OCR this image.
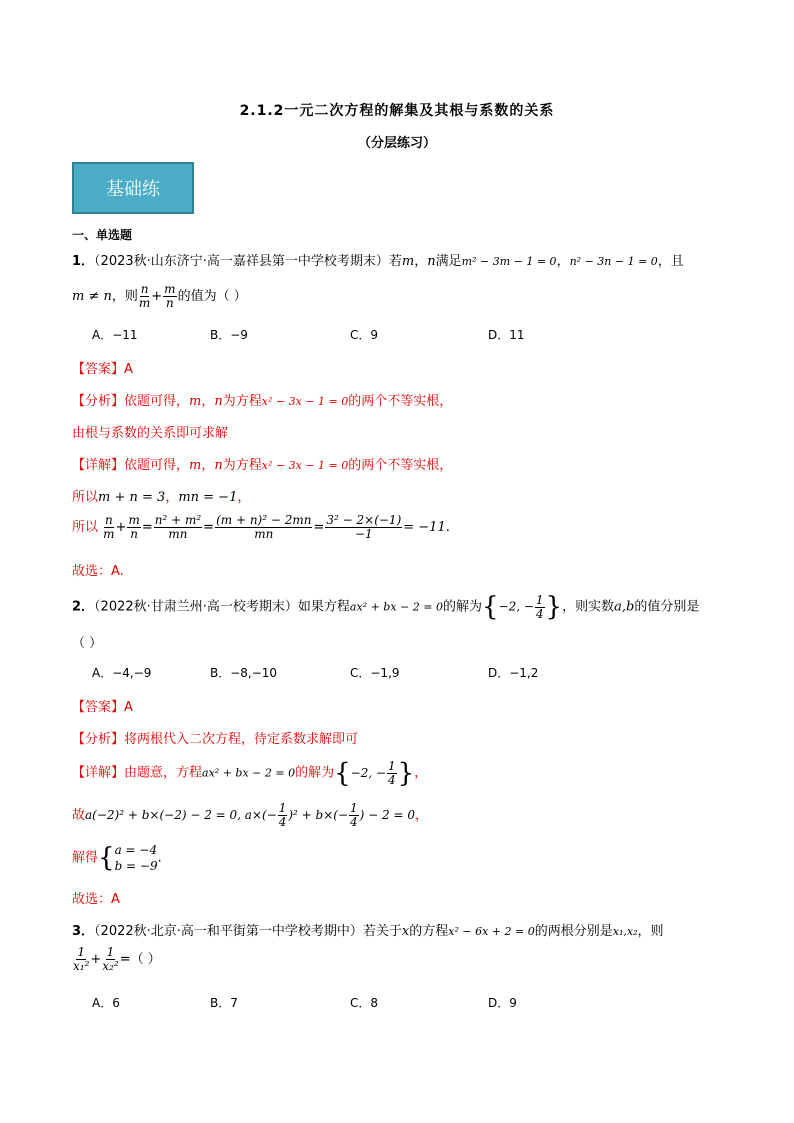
2.1.2一元二次方程的解集及其根与系数的关系
（分层练习）
基础练
一、单选题
1．（2023秋·山东济宁·高一嘉祥县第一中学校考期末）若m，n满足m² − 3m − 1 = 0，n² − 3n − 1 = 0，且
m ≠ n，则 $\frac{n}{m} + \frac{m}{n}$ 的值为（ ）
A．−11	B．−9	C．9	D．11
【答案】A
【分析】依题可得，m，n为方程x² − 3x − 1 = 0的两个不等实根，
由根与系数的关系即可求解
【详解】依题可得，m，n为方程x² − 3x − 1 = 0的两个不等实根，
所以m + n = 3，mn = −1，
所以 $\frac{n}{m} + \frac{m}{n} = \frac{\text{n² + m²}}{mn} = \frac{\text{(m + n)² − 2mn}}{mn} = \frac{\text{3² − 2×(−1)}}{-1} = -11$.
故选：A.
2．（2022秋·甘肃兰州·高一校考期末）如果方程ax² + bx − 2 = 0的解为{−2, − $\frac{1}{4}$ }，则实数a,b的值分别是
（ ）
A．−4,−9	B．−8,−10	C．−1,9	D．−1,2
【答案】A
【分析】将两根代入二次方程，待定系数求解即可
【详解】由题意，方程ax² + bx − 2 = 0的解为{−2, − $\frac{1}{4}$ }，
故a(−2)² + b×(−2) − 2 = 0, $a\times(- \frac{1}{4} )^2 + b\times(- \frac{1}{4}$ ) − 2 = 0，
解得{ a = −4
b = −9
.
故选：A
3．（2022秋·北京·高一和平街第一中学校考期中）若关于x的方程x² − 6x + 2 = 0的两根分别是x₁,x₂，则
$\frac{1}{\text{x₁²}} + \frac{1}{\text{x₂²}}$ =（ ）
A．6	B．7	C．8	D．9
